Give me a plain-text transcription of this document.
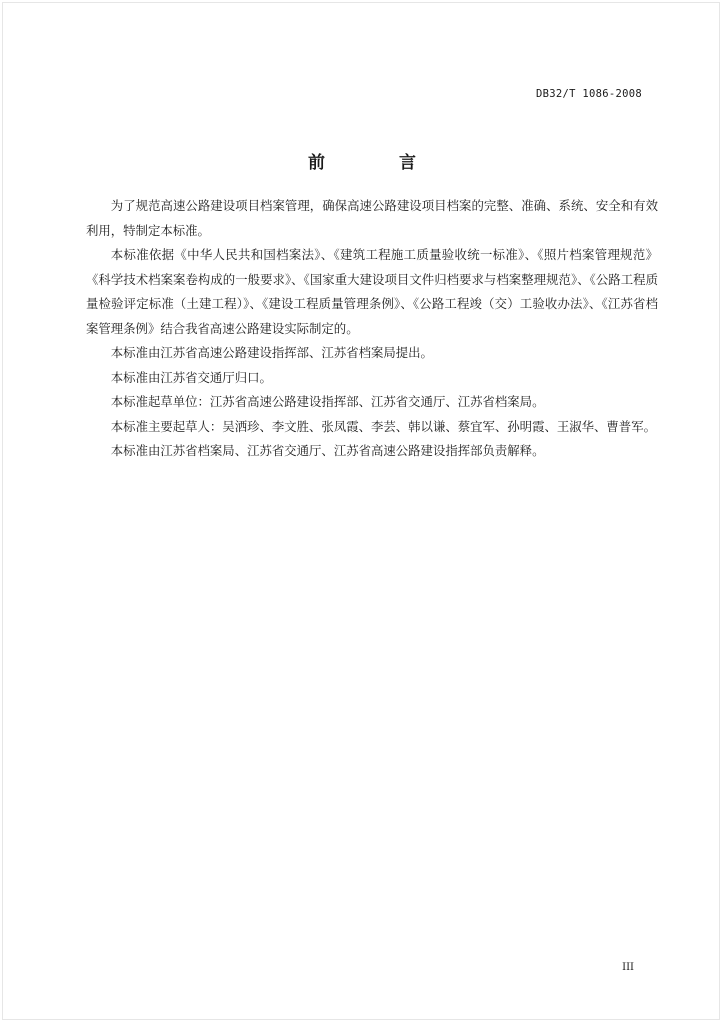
DB32/T 1086-2008
前 言

为了规范高速公路建设项目档案管理，确保高速公路建设项目档案的完整、准确、系统、安全和有效利用，特制定本标准。

本标准依据《中华人民共和国档案法》、《建筑工程施工质量验收统一标准》、《照片档案管理规范》《科学技术档案案卷构成的一般要求》、《国家重大建设项目文件归档要求与档案整理规范》、《公路工程质量检验评定标准（土建工程）》、《建设工程质量管理条例》、《公路工程竣（交）工验收办法》、《江苏省档案管理条例》结合我省高速公路建设实际制定的。

本标准由江苏省高速公路建设指挥部、江苏省档案局提出。

本标准由江苏省交通厅归口。

本标准起草单位：江苏省高速公路建设指挥部、江苏省交通厅、江苏省档案局。

本标准主要起草人：吴洒珍、李文胜、张凤霞、李芸、韩以谦、蔡宜军、孙明霞、王淑华、曹普军。

本标准由江苏省档案局、江苏省交通厅、江苏省高速公路建设指挥部负责解释。

III
